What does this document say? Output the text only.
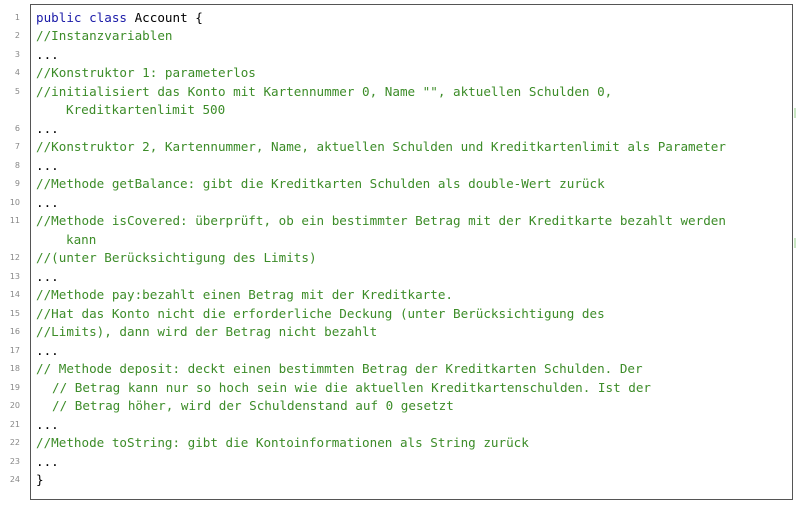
1 public class Account {
2 //Instanzvariablen
3 ...
4 //Konstruktor 1: parameterlos
5 //initialisiert das Konto mit Kartennummer 0, Name "", aktuellen Schulden 0,
Kreditkartenlimit 500
6 ...
7 //Konstruktor 2, Kartennummer, Name, aktuellen Schulden und Kreditkartenlimit als Parameter
8 ...
9 //Methode getBalance: gibt die Kreditkarten Schulden als double-Wert zurück
10 ...
11 //Methode isCovered: überprüft, ob ein bestimmter Betrag mit der Kreditkarte bezahlt werden
kann
12 //(unter Berücksichtigung des Limits)
13 ...
14 //Methode pay:bezahlt einen Betrag mit der Kreditkarte.
15 //Hat das Konto nicht die erforderliche Deckung (unter Berücksichtigung des
16 //Limits), dann wird der Betrag nicht bezahlt
17 ...
18 // Methode deposit: deckt einen bestimmten Betrag der Kreditkarten Schulden. Der
19	// Betrag kann nur so hoch sein wie die aktuellen Kreditkartenschulden. Ist der
20	// Betrag höher, wird der Schuldenstand auf 0 gesetzt
21 ...
22 //Methode toString: gibt die Kontoinformationen als String zurück
23 ...
24 }
